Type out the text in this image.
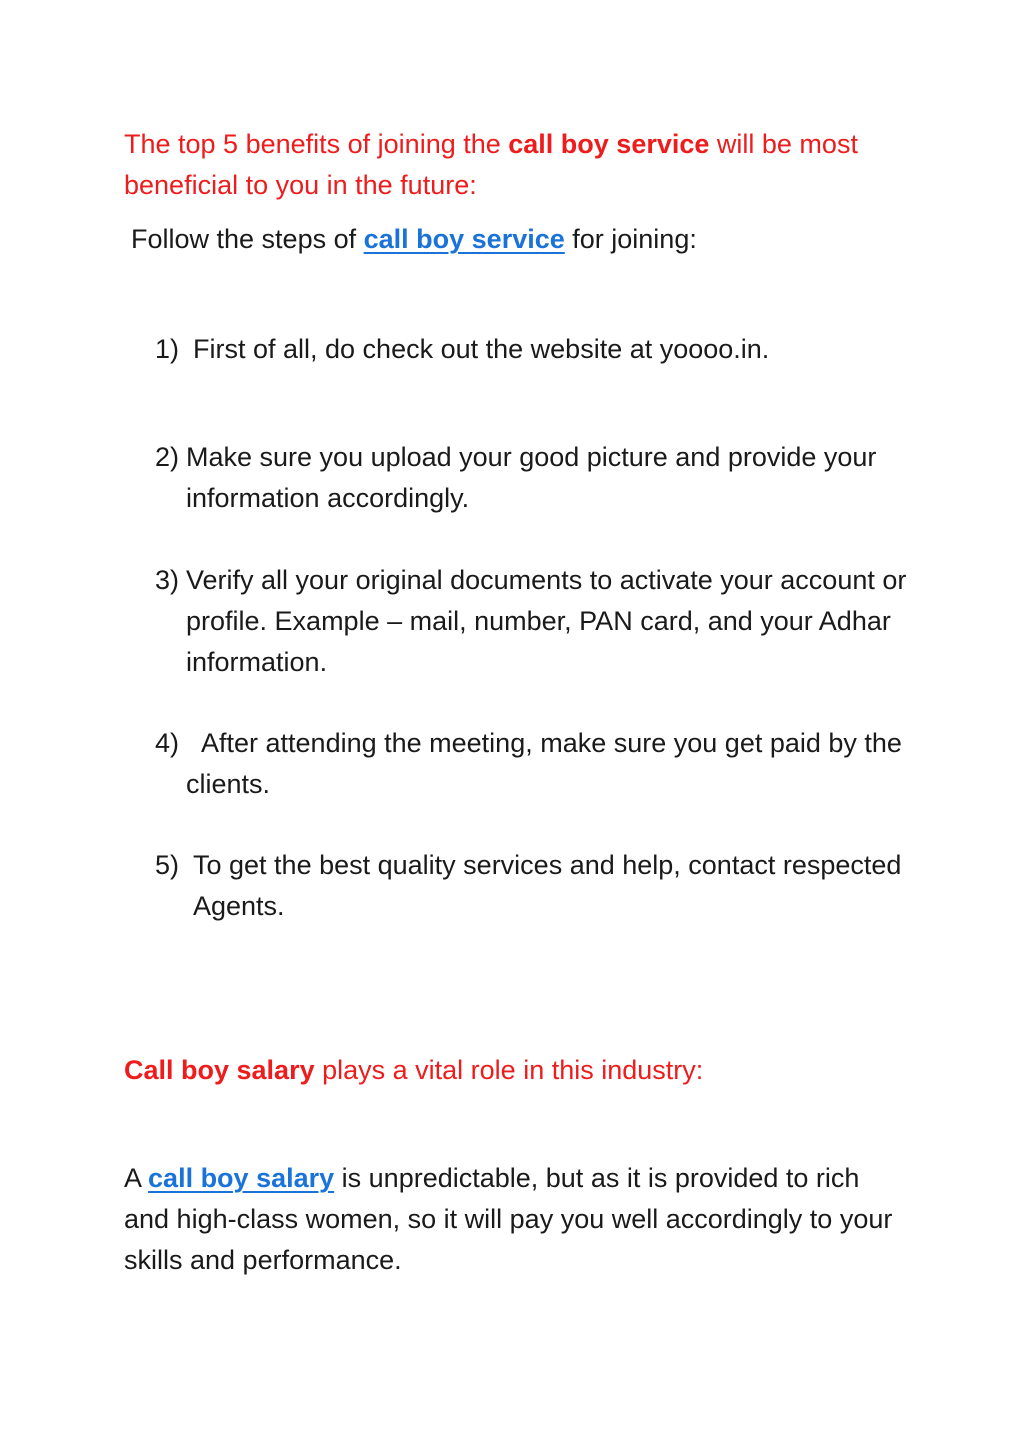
The top 5 benefits of joining the call boy service will be most beneficial to you in the future:

Follow the steps of call boy service for joining:

1) First of all, do check out the website at yoooo.in.
2) Make sure you upload your good picture and provide your information accordingly.
3) Verify all your original documents to activate your account or profile. Example – mail, number, PAN card, and your Adhar information.
4) After attending the meeting, make sure you get paid by the clients.
5) To get the best quality services and help, contact respected Agents.

Call boy salary plays a vital role in this industry:

A call boy salary is unpredictable, but as it is provided to rich and high-class women, so it will pay you well accordingly to your skills and performance.
